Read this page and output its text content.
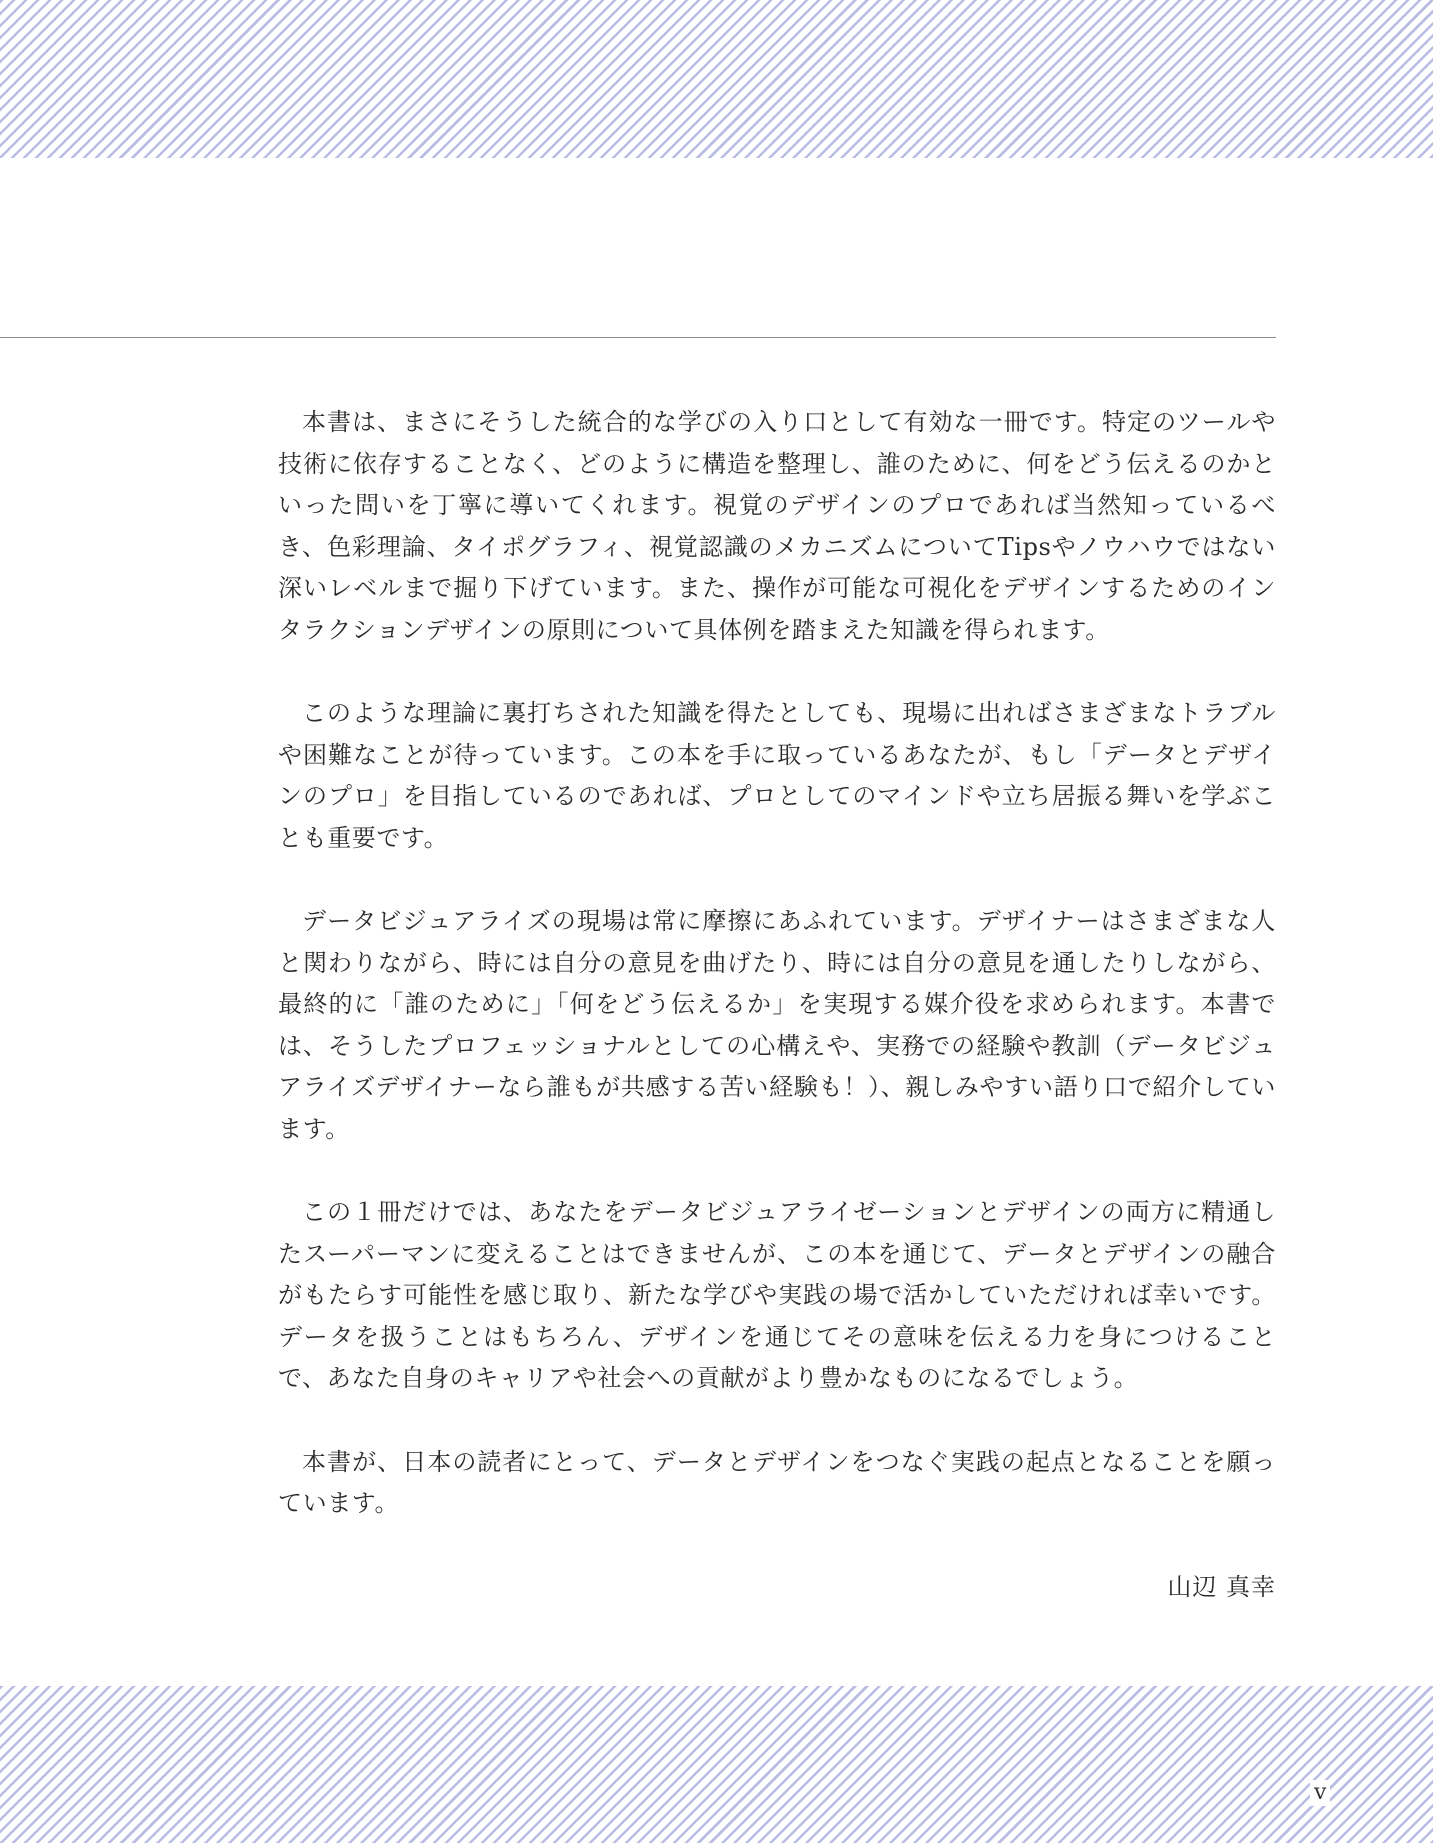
本書は、まさにそうした統合的な学びの入り口として有効な一冊です。特定のツールや技術に依存することなく、どのように構造を整理し、誰のために、何をどう伝えるのかといった問いを丁寧に導いてくれます。視覚のデザインのプロであれば当然知っているべき、色彩理論、タイポグラフィ、視覚認識のメカニズムについてTipsやノウハウではない深いレベルまで掘り下げています。また、操作が可能な可視化をデザインするためのインタラクションデザインの原則について具体例を踏まえた知識を得られます。

このような理論に裏打ちされた知識を得たとしても、現場に出ればさまざまなトラブルや困難なことが待っています。この本を手に取っているあなたが、もし「データとデザインのプロ」を目指しているのであれば、プロとしてのマインドや立ち居振る舞いを学ぶことも重要です。

データビジュアライズの現場は常に摩擦にあふれています。デザイナーはさまざまな人と関わりながら、時には自分の意見を曲げたり、時には自分の意見を通したりしながら、最終的に「誰のために」「何をどう伝えるか」を実現する媒介役を求められます。本書では、そうしたプロフェッショナルとしての心構えや、実務での経験や教訓（データビジュアライズデザイナーなら誰もが共感する苦い経験も！）、親しみやすい語り口で紹介しています。

この１冊だけでは、あなたをデータビジュアライゼーションとデザインの両方に精通したスーパーマンに変えることはできませんが、この本を通じて、データとデザインの融合がもたらす可能性を感じ取り、新たな学びや実践の場で活かしていただければ幸いです。データを扱うことはもちろん、デザインを通じてその意味を伝える力を身につけることで、あなた自身のキャリアや社会への貢献がより豊かなものになるでしょう。

本書が、日本の読者にとって、データとデザインをつなぐ実践の起点となることを願っています。

山辺 真幸

v
